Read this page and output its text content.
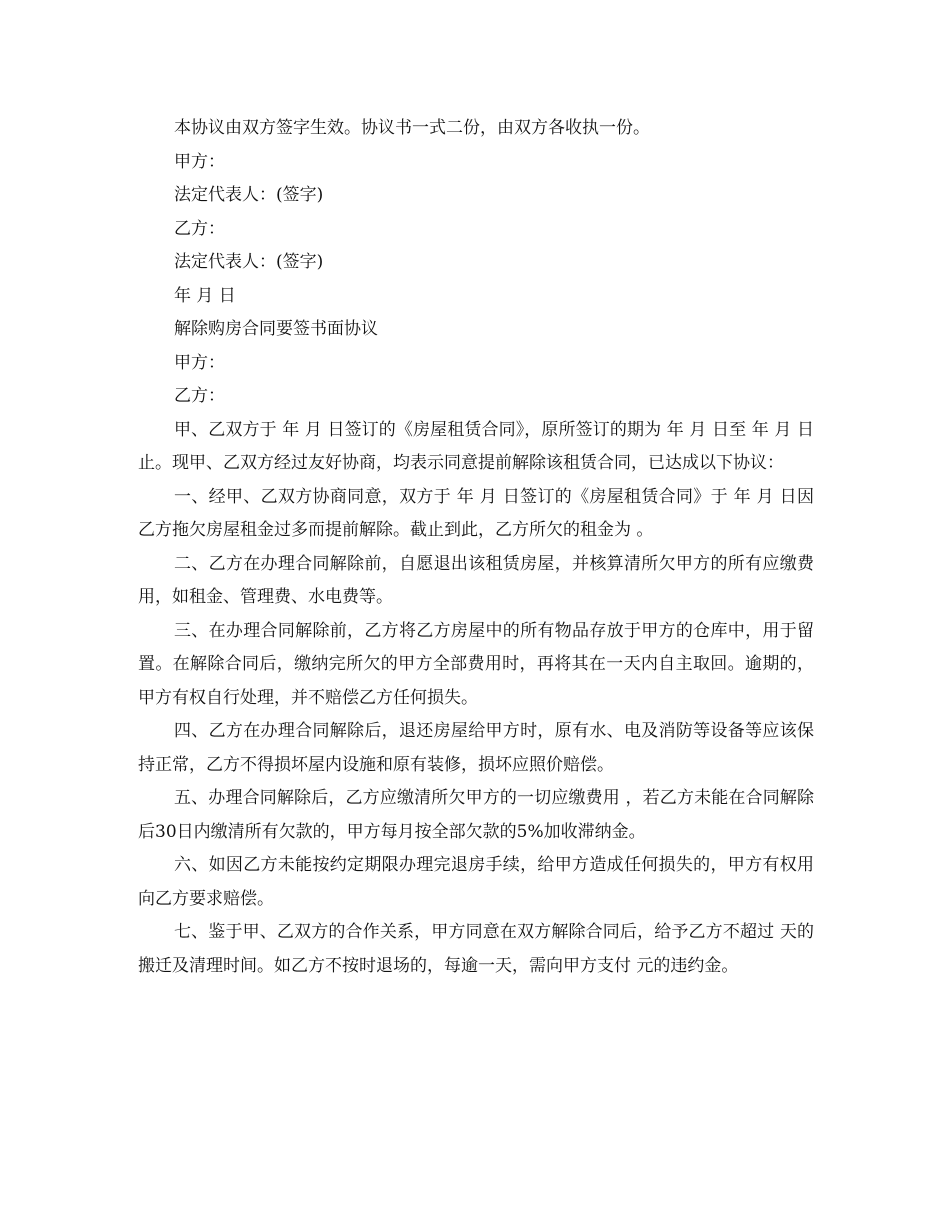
本协议由双方签字生效。协议书一式二份，由双方各收执一份。
甲方：
法定代表人：(签字)
乙方：
法定代表人：(签字)
年 月 日
解除购房合同要签书面协议
甲方：
乙方：

甲、乙双方于 年 月 日签订的《房屋租赁合同》，原所签订的期为 年 月 日至 年 月 日止。现甲、乙双方经过友好协商，均表示同意提前解除该租赁合同，已达成以下协议：

一、经甲、乙双方协商同意，双方于 年 月 日签订的《房屋租赁合同》于 年 月 日因乙方拖欠房屋租金过多而提前解除。截止到此，乙方所欠的租金为 。

二、乙方在办理合同解除前，自愿退出该租赁房屋，并核算清所欠甲方的所有应缴费用，如租金、管理费、水电费等。

三、在办理合同解除前，乙方将乙方房屋中的所有物品存放于甲方的仓库中，用于留置。在解除合同后，缴纳完所欠的甲方全部费用时，再将其在一天内自主取回。逾期的，甲方有权自行处理，并不赔偿乙方任何损失。

四、乙方在办理合同解除后，退还房屋给甲方时，原有水、电及消防等设备等应该保持正常，乙方不得损坏屋内设施和原有装修，损坏应照价赔偿。

五、办理合同解除后，乙方应缴清所欠甲方的一切应缴费用 ，若乙方未能在合同解除后30日内缴清所有欠款的，甲方每月按全部欠款的5%加收滞纳金。

六、如因乙方未能按约定期限办理完退房手续，给甲方造成任何损失的，甲方有权用向乙方要求赔偿。

七、鉴于甲、乙双方的合作关系，甲方同意在双方解除合同后，给予乙方不超过 天的搬迁及清理时间。如乙方不按时退场的，每逾一天，需向甲方支付 元的违约金。
